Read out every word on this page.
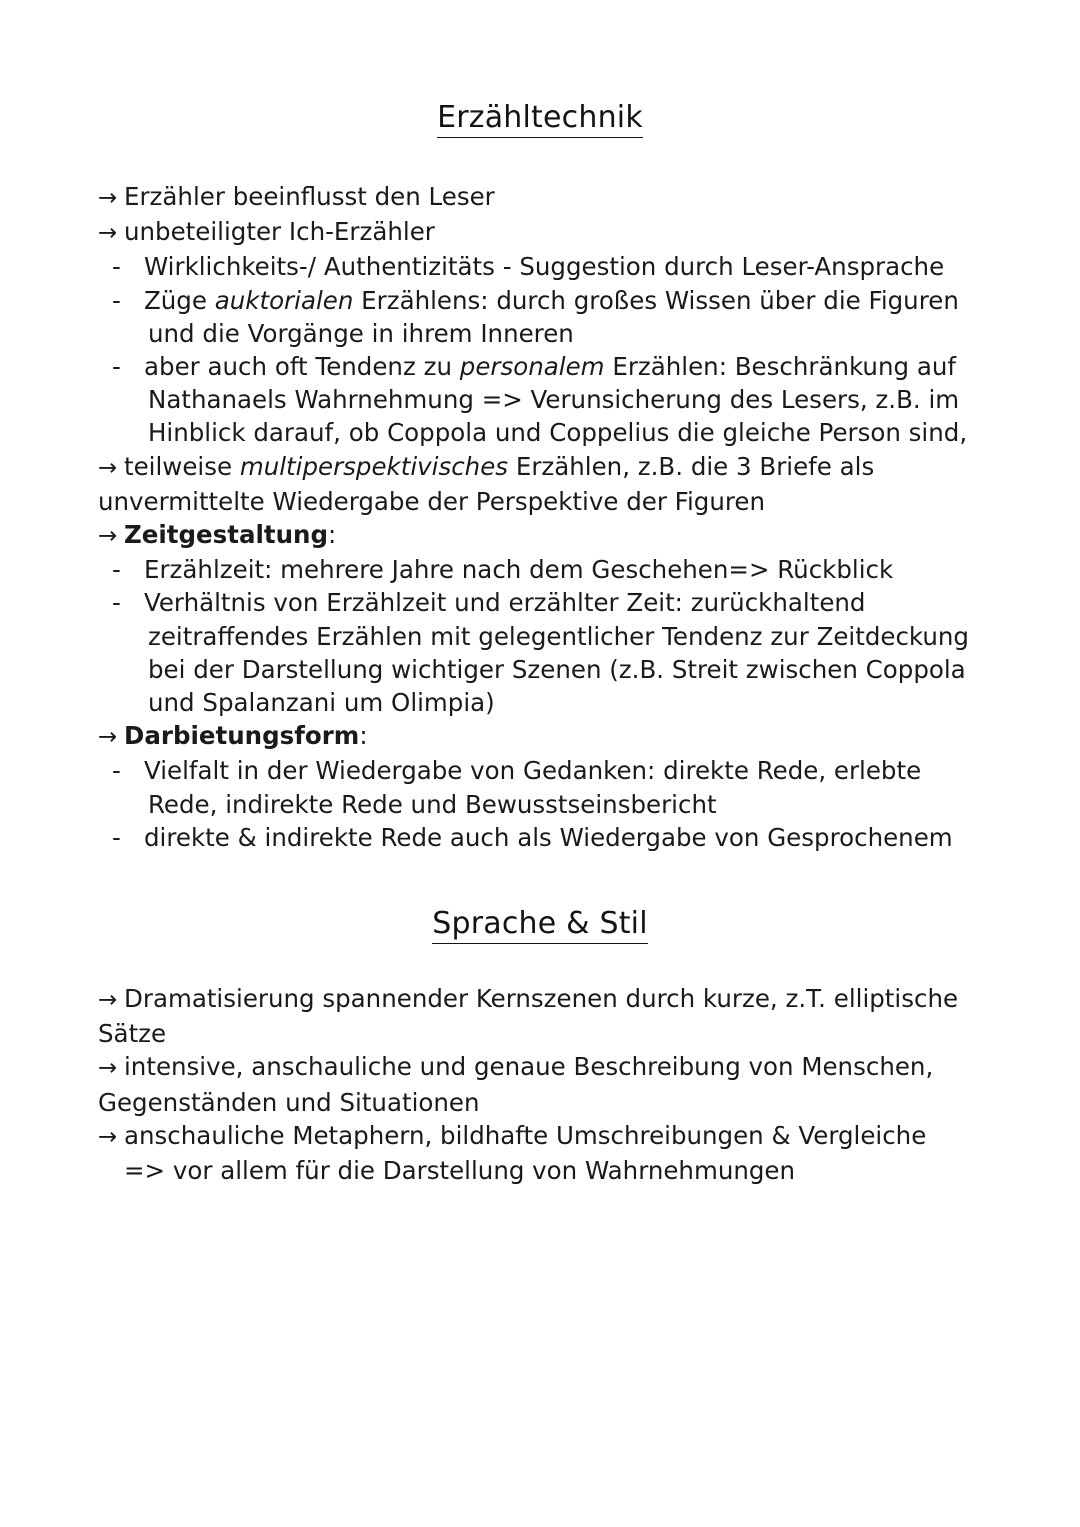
Erzähltechnik

→ Erzähler beeinflusst den Leser

→ unbeteiligter Ich-Erzähler

- Wirklichkeits-/ Authentizitäts - Suggestion durch Leser-Ansprache

- Züge auktorialen Erzählens: durch großes Wissen über die Figuren und die Vorgänge in ihrem Inneren

- aber auch oft Tendenz zu personalem Erzählen: Beschränkung auf Nathanaels Wahrnehmung => Verunsicherung des Lesers, z.B. im Hinblick darauf, ob Coppola und Coppelius die gleiche Person sind,

→ teilweise multiperspektivisches Erzählen, z.B. die 3 Briefe als unvermittelte Wiedergabe der Perspektive der Figuren

→ Zeitgestaltung:

- Erzählzeit: mehrere Jahre nach dem Geschehen=> Rückblick

- Verhältnis von Erzählzeit und erzählter Zeit: zurückhaltend zeitraffendes Erzählen mit gelegentlicher Tendenz zur Zeitdeckung bei der Darstellung wichtiger Szenen (z.B. Streit zwischen Coppola und Spalanzani um Olimpia)

→ Darbietungsform:

- Vielfalt in der Wiedergabe von Gedanken: direkte Rede, erlebte Rede, indirekte Rede und Bewusstseinsbericht

- direkte & indirekte Rede auch als Wiedergabe von Gesprochenem

Sprache & Stil

→ Dramatisierung spannender Kernszenen durch kurze, z.T. elliptische Sätze

→ intensive, anschauliche und genaue Beschreibung von Menschen, Gegenständen und Situationen

→ anschauliche Metaphern, bildhafte Umschreibungen & Vergleiche

=> vor allem für die Darstellung von Wahrnehmungen
